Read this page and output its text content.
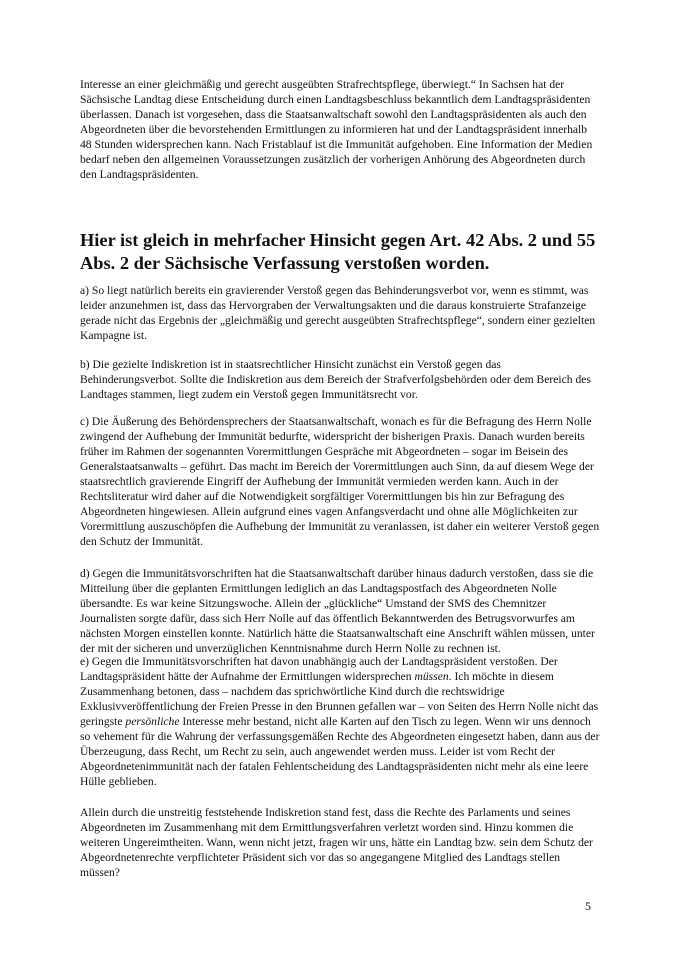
Interesse an einer gleichmäßig und gerecht ausgeübten Strafrechtspflege, überwiegt.“ In Sachsen hat der Sächsische Landtag diese Entscheidung durch einen Landtagsbeschluss bekanntlich dem Landtagspräsidenten überlassen. Danach ist vorgesehen, dass die Staatsanwaltschaft sowohl den Landtagspräsidenten als auch den Abgeordneten über die bevorstehenden Ermittlungen zu informieren hat und der Landtagspräsident innerhalb 48 Stunden widersprechen kann. Nach Fristablauf ist die Immunität aufgehoben. Eine Information der Medien bedarf neben den allgemeinen Voraussetzungen zusätzlich der vorherigen Anhörung des Abgeordneten durch den Landtagspräsidenten.

Hier ist gleich in mehrfacher Hinsicht gegen Art. 42 Abs. 2 und 55 Abs. 2 der Sächsische Verfassung verstoßen worden.

a) So liegt natürlich bereits ein gravierender Verstoß gegen das Behinderungsverbot vor, wenn es stimmt, was leider anzunehmen ist, dass das Hervorgraben der Verwaltungsakten und die daraus konstruierte Strafanzeige gerade nicht das Ergebnis der „gleichmäßig und gerecht ausgeübten Strafrechtspflege“, sondern einer gezielten Kampagne ist.

b) Die gezielte Indiskretion ist in staatsrechtlicher Hinsicht zunächst ein Verstoß gegen das Behinderungsverbot. Sollte die Indiskretion aus dem Bereich der Strafverfolgsbehörden oder dem Bereich des Landtages stammen, liegt zudem ein Verstoß gegen Immunitätsrecht vor.

c) Die Äußerung des Behördensprechers der Staatsanwaltschaft, wonach es für die Befragung des Herrn Nolle zwingend der Aufhebung der Immunität bedurfte, widerspricht der bisherigen Praxis. Danach wurden bereits früher im Rahmen der sogenannten Vorermittlungen Gespräche mit Abgeordneten – sogar im Beisein des Generalstaatsanwalts – geführt. Das macht im Bereich der Vorermittlungen auch Sinn, da auf diesem Wege der staatsrechtlich gravierende Eingriff der Aufhebung der Immunität vermieden werden kann. Auch in der Rechtsliteratur wird daher auf die Notwendigkeit sorgfältiger Vorermittlungen bis hin zur Befragung des Abgeordneten hingewiesen. Allein aufgrund eines vagen Anfangsverdacht und ohne alle Möglichkeiten zur Vorermittlung auszuschöpfen die Aufhebung der Immunität zu veranlassen, ist daher ein weiterer Verstoß gegen den Schutz der Immunität.

d) Gegen die Immunitätsvorschriften hat die Staatsanwaltschaft darüber hinaus dadurch verstoßen, dass sie die Mitteilung über die geplanten Ermittlungen lediglich an das Landtagspostfach des Abgeordneten Nolle übersandte. Es war keine Sitzungswoche. Allein der „glückliche“ Umstand der SMS des Chemnitzer Journalisten sorgte dafür, dass sich Herr Nolle auf das öffentlich Bekanntwerden des Betrugsvorwurfes am nächsten Morgen einstellen konnte. Natürlich hätte die Staatsanwaltschaft eine Anschrift wählen müssen, unter der mit der sicheren und unverzüglichen Kenntnisnahme durch Herrn Nolle zu rechnen ist.

e) Gegen die Immunitätsvorschriften hat davon unabhängig auch der Landtagspräsident verstoßen. Der Landtagspräsident hätte der Aufnahme der Ermittlungen widersprechen müssen. Ich möchte in diesem Zusammenhang betonen, dass – nachdem das sprichwörtliche Kind durch die rechtswidrige Exklusivveröffentlichung der Freien Presse in den Brunnen gefallen war – von Seiten des Herrn Nolle nicht das geringste persönliche Interesse mehr bestand, nicht alle Karten auf den Tisch zu legen. Wenn wir uns dennoch so vehement für die Wahrung der verfassungsgemäßen Rechte des Abgeordneten eingesetzt haben, dann aus der Überzeugung, dass Recht, um Recht zu sein, auch angewendet werden muss. Leider ist vom Recht der Abgeordnetenimmunität nach der fatalen Fehlentscheidung des Landtagspräsidenten nicht mehr als eine leere Hülle geblieben.

Allein durch die unstreitig feststehende Indiskretion stand fest, dass die Rechte des Parlaments und seines Abgeordneten im Zusammenhang mit dem Ermittlungsverfahren verletzt worden sind. Hinzu kommen die weiteren Ungereimtheiten. Wann, wenn nicht jetzt, fragen wir uns, hätte ein Landtag bzw. sein dem Schutz der Abgeordnetenrechte verpflichteter Präsident sich vor das so angegangene Mitglied des Landtags stellen müssen?

5
